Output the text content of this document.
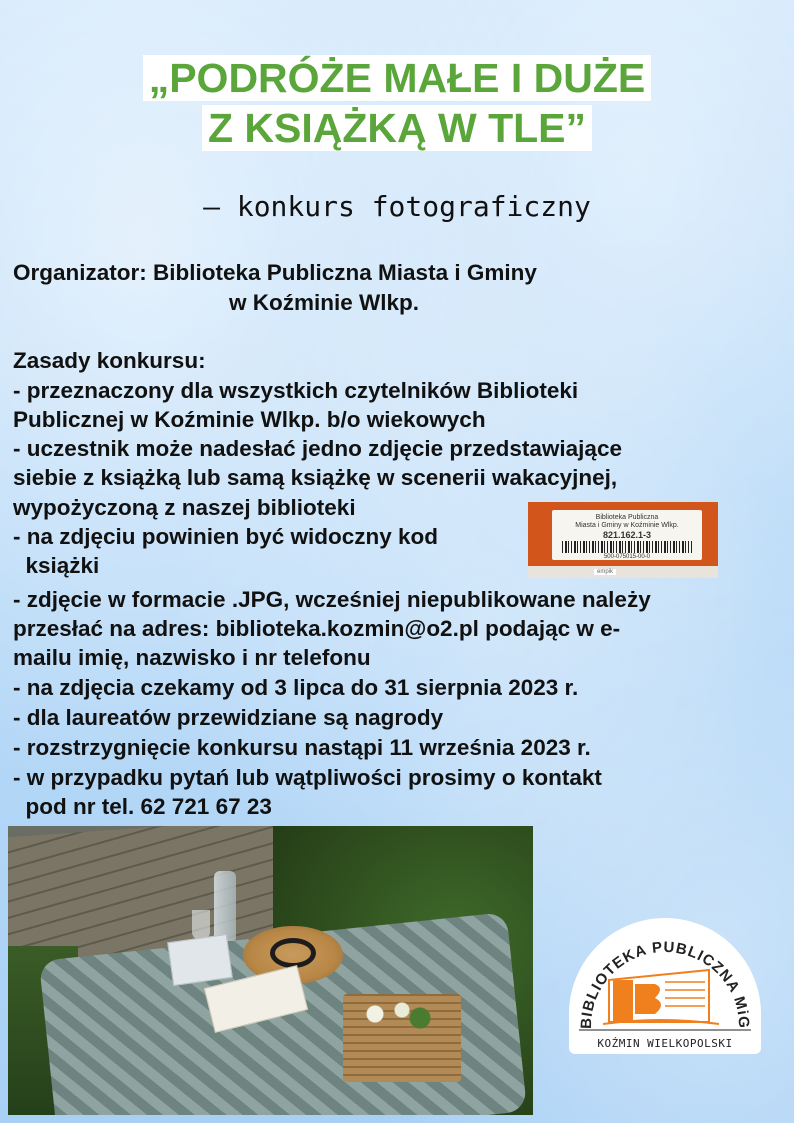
„PODRÓŻE MAŁE I DUŻE
Z KSIĄŻKĄ W TLE”
– konkurs fotograficzny
Organizator: Biblioteka Publiczna Miasta i Gminy
w Koźminie Wlkp.
Zasady konkursu:
- przeznaczony dla wszystkich czytelników Biblioteki
Publicznej w Koźminie Wlkp. b/o wiekowych
- uczestnik może nadesłać jedno zdjęcie przedstawiające
siebie z książką lub samą książkę w scenerii wakacyjnej,
wypożyczoną z naszej biblioteki
- na zdjęciu powinien być widoczny kod
książki
- zdjęcie w formacie .JPG, wcześniej niepublikowane należy
przesłać na adres: biblioteka.kozmin@o2.pl podając w e-
mailu imię, nazwisko i nr telefonu
- na zdjęcia czekamy od 3 lipca do 31 sierpnia 2023 r.
- dla laureatów przewidziane są nagrody
- rozstrzygnięcie konkursu nastąpi 11 września 2023 r.
- w przypadku pytań lub wątpliwości prosimy o kontakt
pod nr tel. 62 721 67 23
Biblioteka Publiczna
Miasta i Gminy w Koźminie Wlkp.
821.162.1-3
500-075015-00-0
empik
BIBLIOTEKA PUBLICZNA MiG
KOŹMIN WIELKOPOLSKI
